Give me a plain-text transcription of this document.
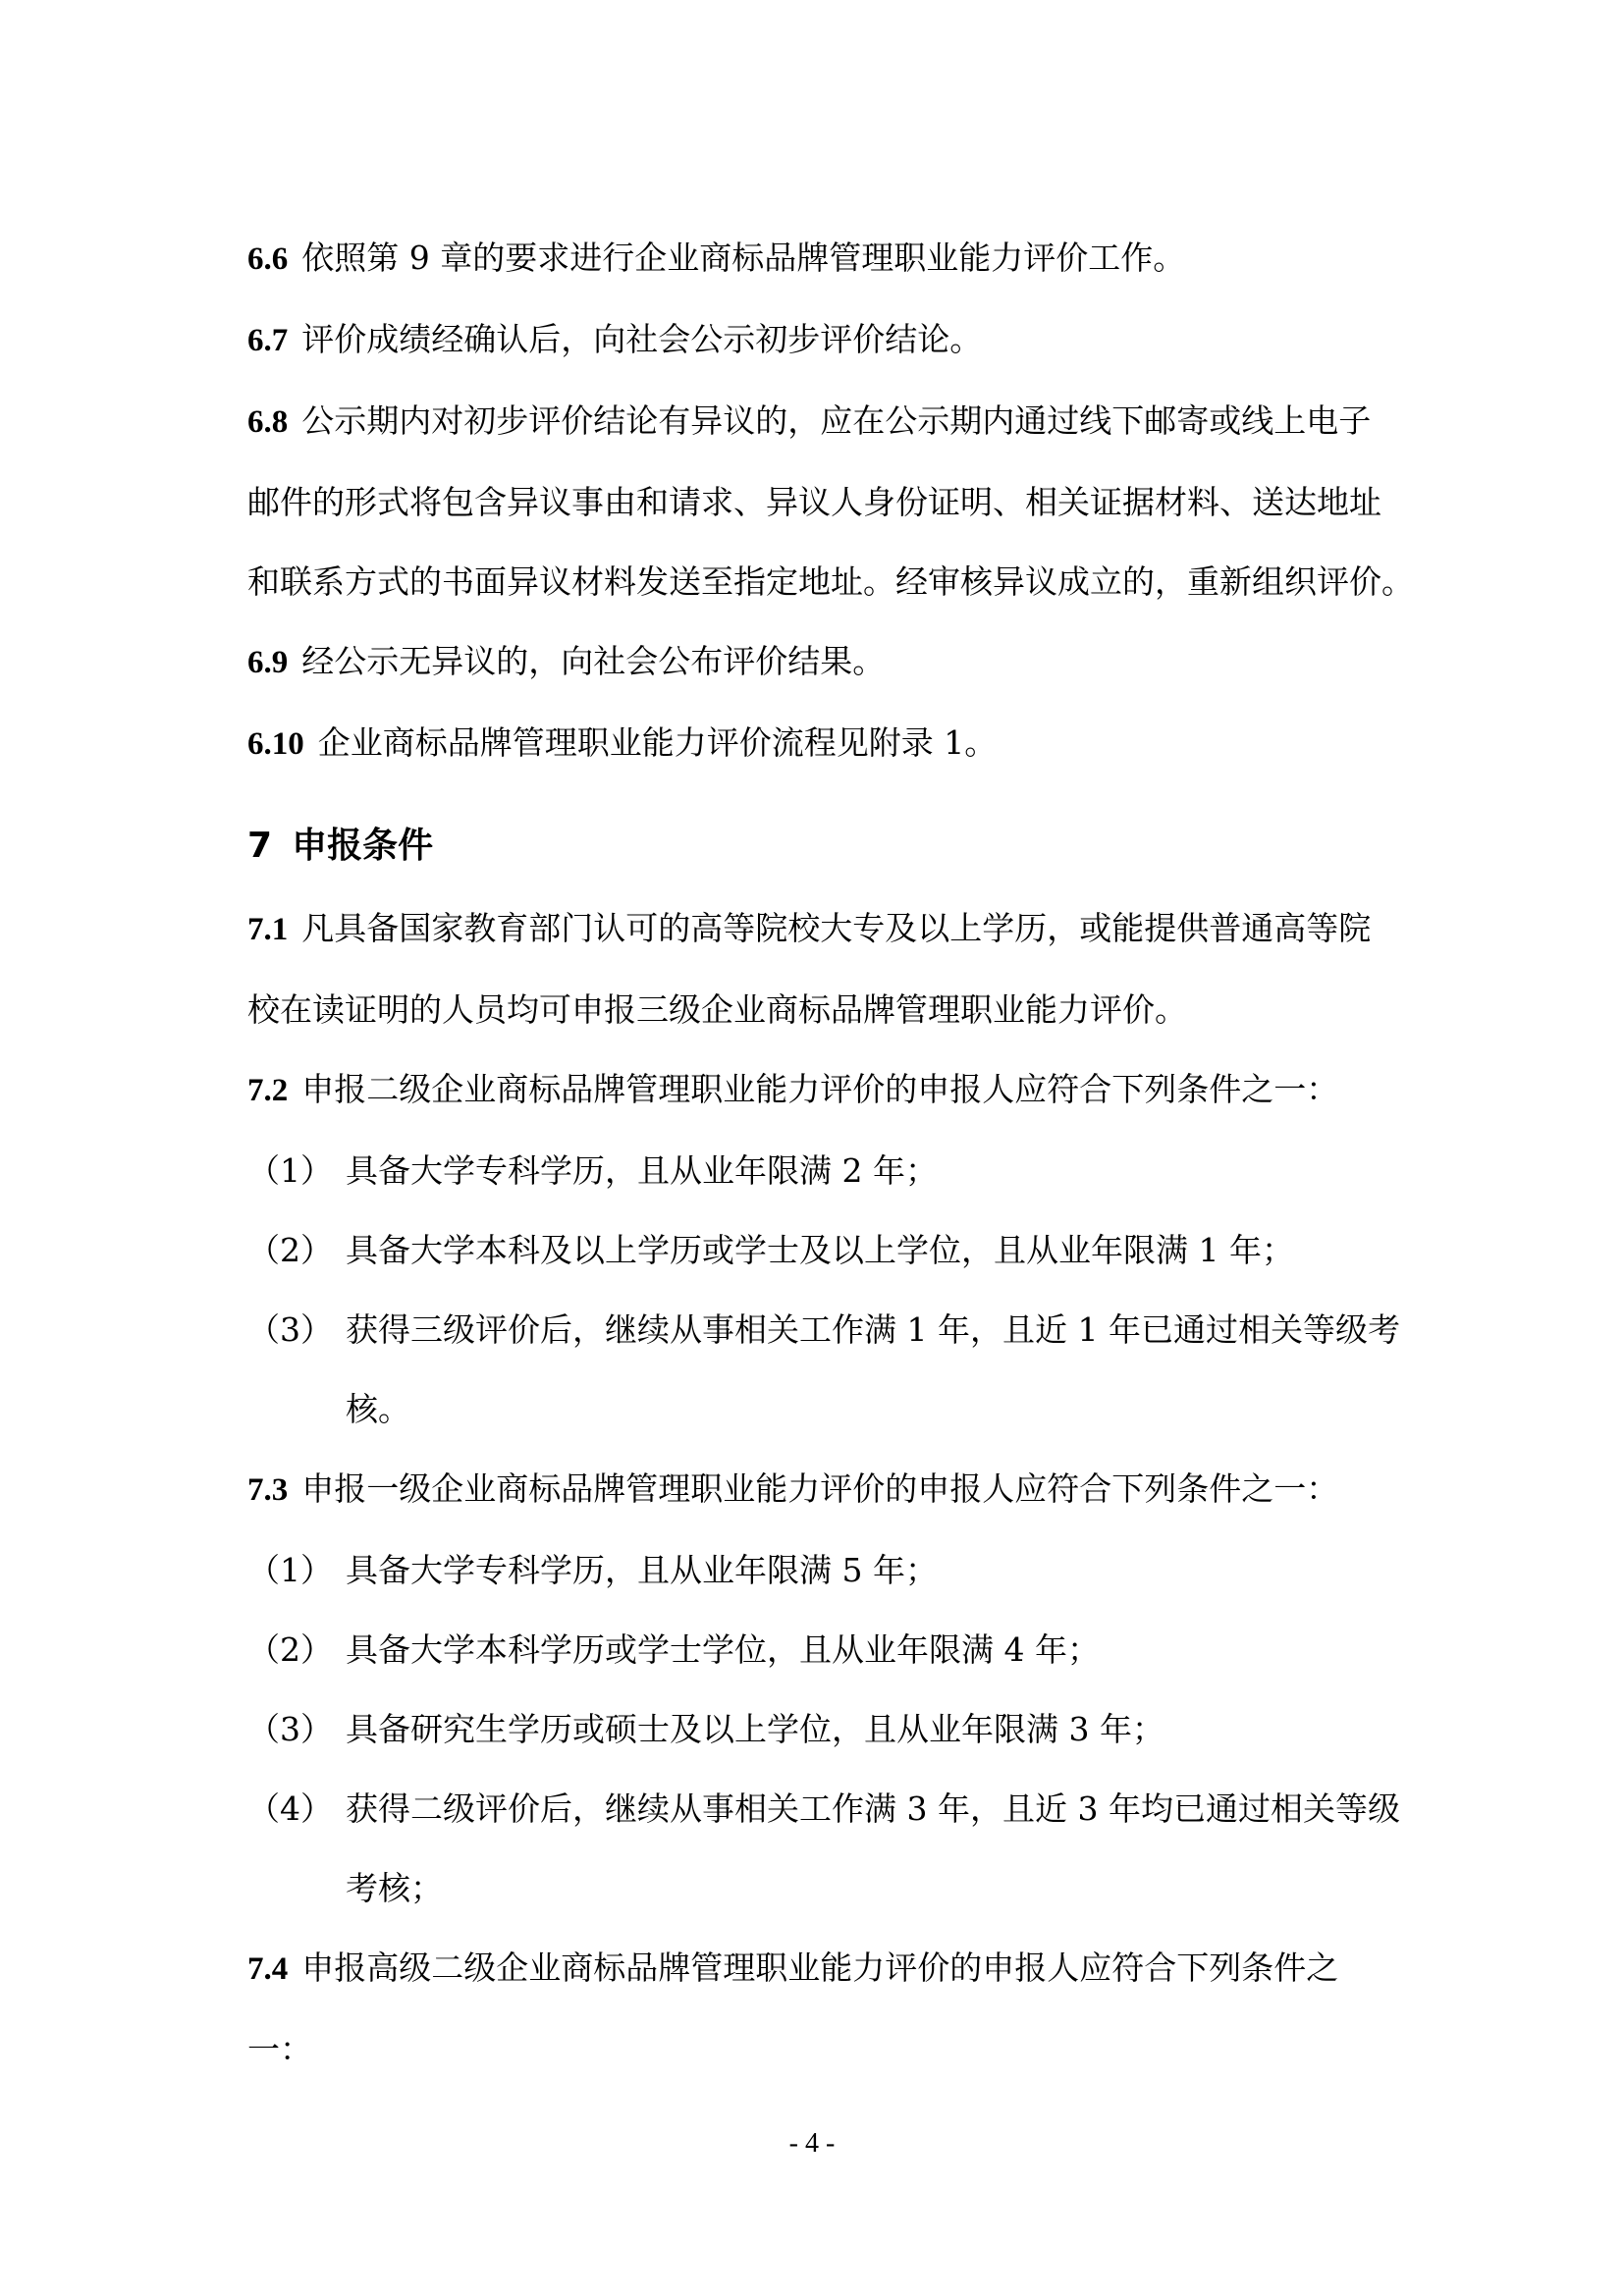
6.6 依照第 9 章的要求进行企业商标品牌管理职业能力评价工作。

6.7 评价成绩经确认后，向社会公示初步评价结论。

6.8 公示期内对初步评价结论有异议的，应在公示期内通过线下邮寄或线上电子

邮件的形式将包含异议事由和请求、异议人身份证明、相关证据材料、送达地址

和联系方式的书面异议材料发送至指定地址。经审核异议成立的，重新组织评价。

6.9 经公示无异议的，向社会公布评价结果。

6.10 企业商标品牌管理职业能力评价流程见附录 1。

7 申报条件

7.1 凡具备国家教育部门认可的高等院校大专及以上学历，或能提供普通高等院

校在读证明的人员均可申报三级企业商标品牌管理职业能力评价。

7.2 申报二级企业商标品牌管理职业能力评价的申报人应符合下列条件之一：

（1） 具备大学专科学历，且从业年限满 2 年；

（2） 具备大学本科及以上学历或学士及以上学位，且从业年限满 1 年；

（3） 获得三级评价后，继续从事相关工作满 1 年，且近 1 年已通过相关等级考

核。

7.3 申报一级企业商标品牌管理职业能力评价的申报人应符合下列条件之一：

（1） 具备大学专科学历，且从业年限满 5 年；

（2） 具备大学本科学历或学士学位，且从业年限满 4 年；

（3） 具备研究生学历或硕士及以上学位，且从业年限满 3 年；

（4） 获得二级评价后，继续从事相关工作满 3 年，且近 3 年均已通过相关等级

考核；

7.4 申报高级二级企业商标品牌管理职业能力评价的申报人应符合下列条件之

一：

- 4 -
